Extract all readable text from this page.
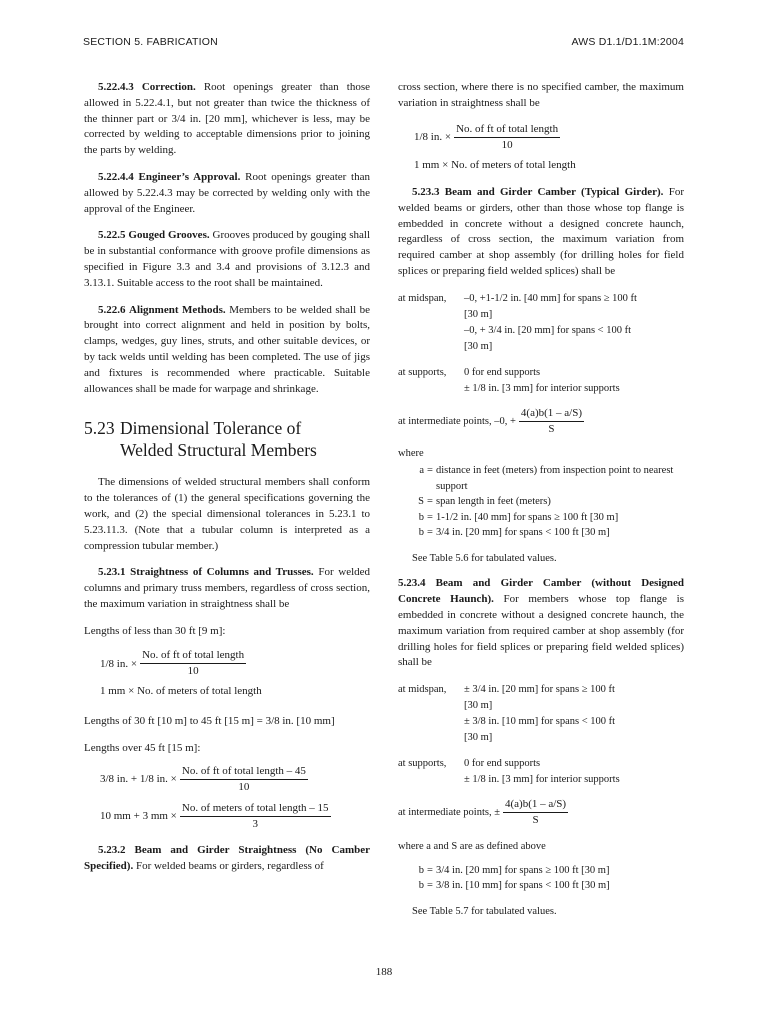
SECTION 5. FABRICATION	AWS D1.1/D1.1M:2004

5.22.4.3 Correction. Root openings greater than those allowed in 5.22.4.1, but not greater than twice the thickness of the thinner part or 3/4 in. [20 mm], whichever is less, may be corrected by welding to acceptable dimensions prior to joining the parts by welding.

5.22.4.4 Engineer’s Approval. Root openings greater than allowed by 5.22.4.3 may be corrected by welding only with the approval of the Engineer.

5.22.5 Gouged Grooves. Grooves produced by gouging shall be in substantial conformance with groove profile dimensions as specified in Figure 3.3 and 3.4 and provisions of 3.12.3 and 3.13.1. Suitable access to the root shall be maintained.

5.22.6 Alignment Methods. Members to be welded shall be brought into correct alignment and held in position by bolts, clamps, wedges, guy lines, struts, and other suitable devices, or by tack welds until welding has been completed. The use of jigs and fixtures is recommended where practicable. Suitable allowances shall be made for warpage and shrinkage.

5.23 Dimensional Tolerance of
Welded Structural Members

The dimensions of welded structural members shall conform to the tolerances of (1) the general specifications governing the work, and (2) the special dimensional tolerances in 5.23.1 to 5.23.11.3. (Note that a tubular column is interpreted as a compression tubular member.)

5.23.1 Straightness of Columns and Trusses. For welded columns and primary truss members, regardless of cross section, the maximum variation in straightness shall be

Lengths of less than 30 ft [9 m]:
1/8 in. × $\frac{\text{No. of ft of total length}}{10}$
1 mm × No. of meters of total length
Lengths of 30 ft [10 m] to 45 ft [15 m] = 3/8 in. [10 mm]
Lengths over 45 ft [15 m]:
3/8 in. + 1/8 in. × $\frac{\text{No. of ft of total length – 45}}{10}$
10 mm + 3 mm × $\frac{\text{No. of meters of total length – 15}}{3}$

5.23.2 Beam and Girder Straightness (No Camber Specified). For welded beams or girders, regardless of

cross section, where there is no specified camber, the maximum variation in straightness shall be

1/8 in. × $\frac{\text{No. of ft of total length}}{10}$
1 mm × No. of meters of total length

5.23.3 Beam and Girder Camber (Typical Girder). For welded beams or girders, other than those whose top flange is embedded in concrete without a designed concrete haunch, regardless of cross section, the maximum variation from required camber at shop assembly (for drilling holes for field splices or preparing field welded splices) shall be

at midspan,	–0, +1-1/2 in. [40 mm] for spans ≥ 100 ft
[30 m]
–0, + 3/4 in. [20 mm] for spans < 100 ft
[30 m]
at supports,	0 for end supports
± 1/8 in. [3 mm] for interior supports
at intermediate points, –0, + $\frac{4(a)b(1 - a/S)}{S}$
where
a = distance in feet (meters) from inspection point to nearest support
S = span length in feet (meters)
b = 1-1/2 in. [40 mm] for spans ≥ 100 ft [30 m]
b = 3/4 in. [20 mm] for spans < 100 ft [30 m]
See Table 5.6 for tabulated values.

5.23.4 Beam and Girder Camber (without Designed Concrete Haunch). For members whose top flange is embedded in concrete without a designed concrete haunch, the maximum variation from required camber at shop assembly (for drilling holes for field splices or preparing field welded splices) shall be

at midspan,	± 3/4 in. [20 mm] for spans ≥ 100 ft
[30 m]
± 3/8 in. [10 mm] for spans < 100 ft
[30 m]
at supports,	0 for end supports
± 1/8 in. [3 mm] for interior supports
at intermediate points, ± $\frac{4(a)b(1 - a/S)}{S}$
where a and S are as defined above
b = 3/4 in. [20 mm] for spans ≥ 100 ft [30 m]
b = 3/8 in. [10 mm] for spans < 100 ft [30 m]
See Table 5.7 for tabulated values.
188
